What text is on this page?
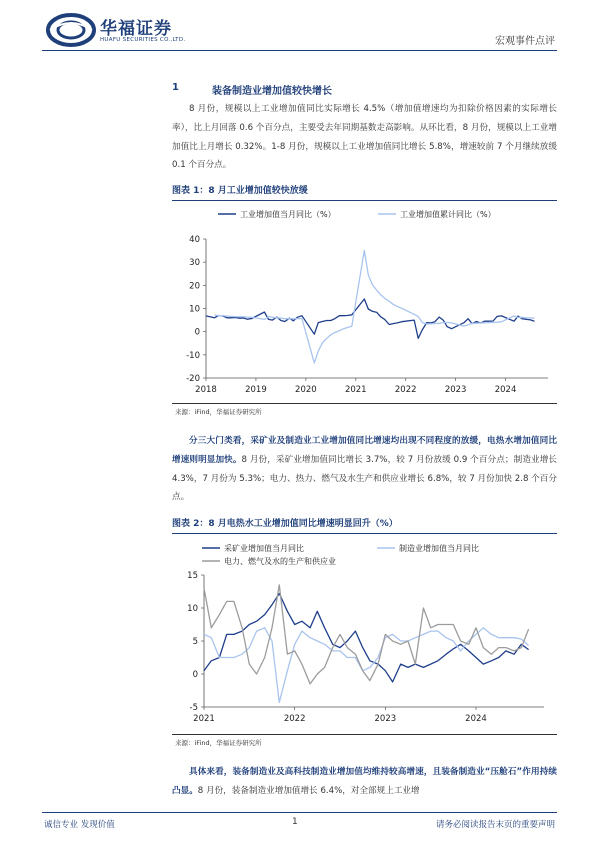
华福证券
HUAFU SECURITIES CO.,LTD.	宏观事件点评
1	装备制造业增加值较快增长
8 月份，规模以上工业增加值同比实际增长 4.5%（增加值增速均为扣除价格因素的实际增长率），比上月回落 0.6 个百分点，主要受去年同期基数走高影响。从环比看，8 月份，规模以上工业增加值比上月增长 0.32%。1-8 月份，规模以上工业增加值同比增长 5.8%，增速较前 7 个月继续放缓 0.1 个百分点。
图表 1：8 月工业增加值较快放缓
工业增加值当月同比（%）	工业增加值累计同比（%）
40
30
20
10
0
-10
-20
2018	2019	2020	2021	2022	2023	2024
来源：iFind，华福证券研究所
分三大门类看，采矿业及制造业工业增加值同比增速均出现不同程度的放缓，电热水增加值同比增速则明显加快。8 月份，采矿业增加值同比增长 3.7%，较 7 月份放缓 0.9 个百分点；制造业增长 4.3%，7 月份为 5.3%；电力、热力、燃气及水生产和供应业增长 6.8%，较 7 月份加快 2.8 个百分点。
图表 2：8 月电热水工业增加值同比增速明显回升（%）
采矿业增加值当月同比	制造业增加值当月同比
电力、燃气及水的生产和供应业
15
10
5
0
-5
2021	2022	2023	2024
来源：iFind，华福证券研究所
具体来看，装备制造业及高科技制造业增加值均维持较高增速，且装备制造业“压舱石”作用持续凸显。8 月份，装备制造业增加值增长 6.4%，对全部规上工业增
诚信专业 发现价值	1	请务必阅读报告末页的重要声明
